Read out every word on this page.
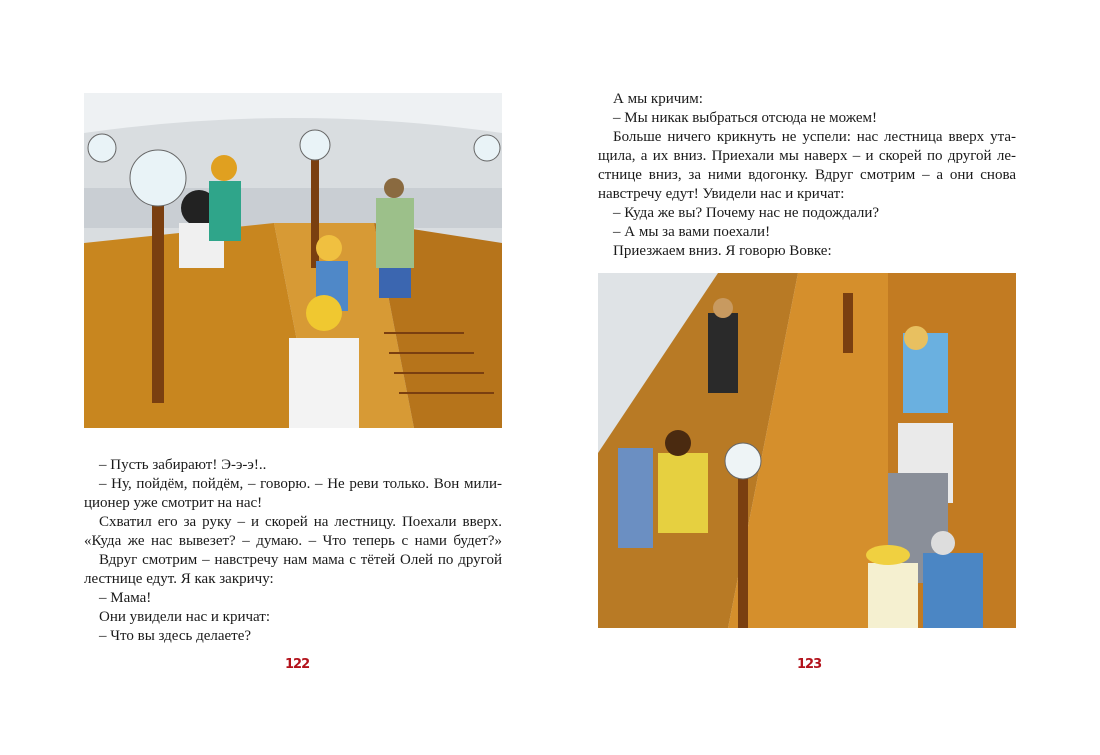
– Пусть забирают! Э-э-э!..
– Ну, пойдём, пойдём, – говорю. – Не реви только. Вон мили-
ционер уже смотрит на нас!
Схватил его за руку – и скорей на лестницу. Поехали вверх.
«Куда же нас вывезет? – думаю. – Что теперь с нами будет?»
Вдруг смотрим – навстречу нам мама с тётей Олей по другой
лестнице едут. Я как закричу:
– Мама!
Они увидели нас и кричат:
– Что вы здесь делаете?
122
А мы кричим:
– Мы никак выбраться отсюда не можем!
Больше ничего крикнуть не успели: нас лестница вверх ута-
щила, а их вниз. Приехали мы наверх – и скорей по другой ле-
стнице вниз, за ними вдогонку. Вдруг смотрим – а они снова
навстречу едут! Увидели нас и кричат:
– Куда же вы? Почему нас не подождали?
– А мы за вами поехали!
Приезжаем вниз. Я говорю Вовке:
123
